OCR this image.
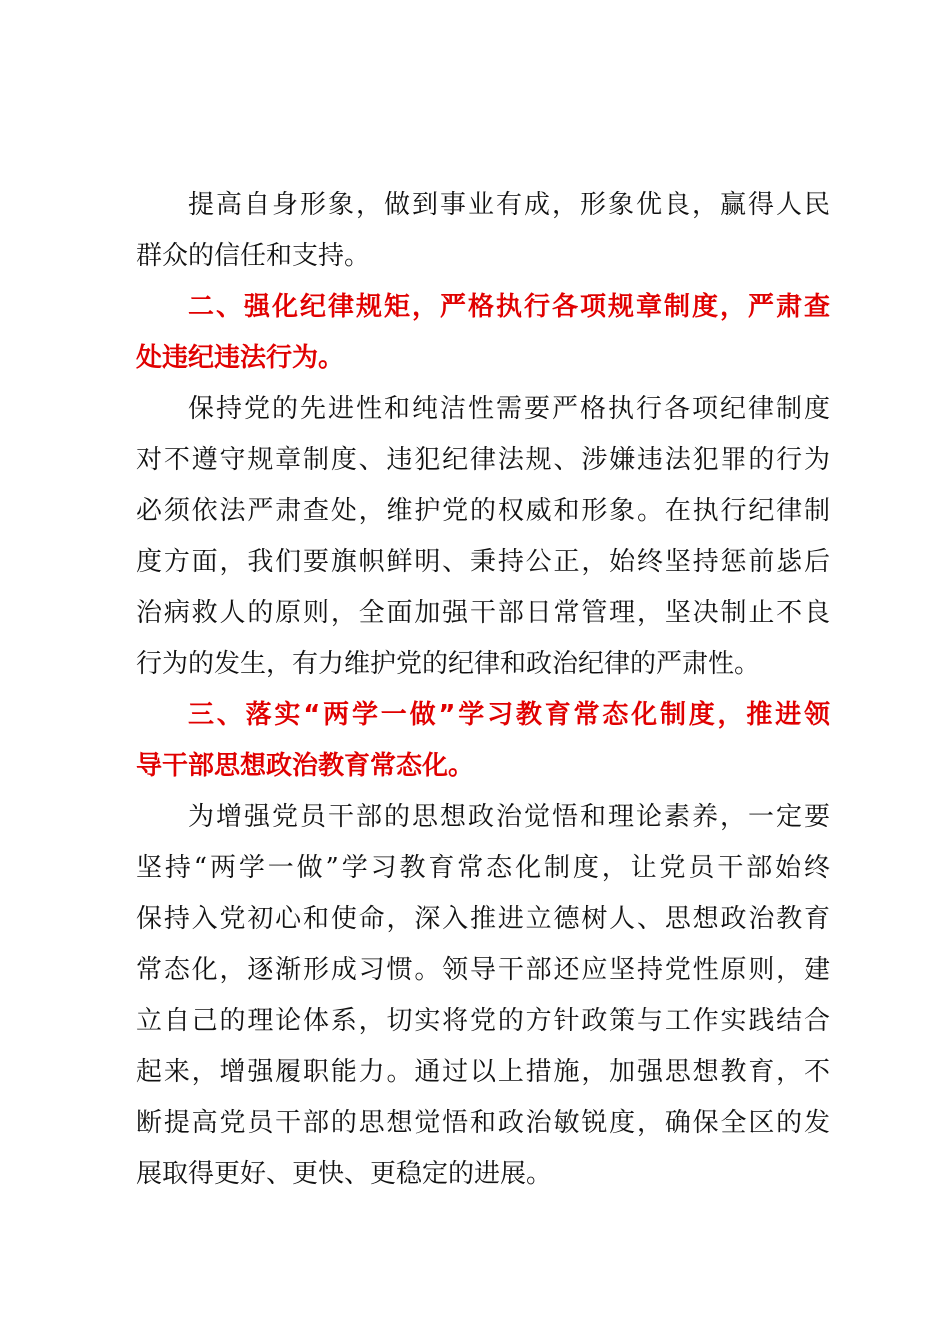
提高自身形象，做到事业有成，形象优良，赢得人民
群众的信任和支持。
二、强化纪律规矩，严格执行各项规章制度，严肃查
处违纪违法行为。
保持党的先进性和纯洁性需要严格执行各项纪律制度
对不遵守规章制度、违犯纪律法规、涉嫌违法犯罪的行为
必须依法严肃查处，维护党的权威和形象。在执行纪律制
度方面，我们要旗帜鲜明、秉持公正，始终坚持惩前毖后
治病救人的原则，全面加强干部日常管理，坚决制止不良
行为的发生，有力维护党的纪律和政治纪律的严肃性。
三、落实“两学一做”学习教育常态化制度，推进领
导干部思想政治教育常态化。
为增强党员干部的思想政治觉悟和理论素养，一定要
坚持“两学一做”学习教育常态化制度，让党员干部始终
保持入党初心和使命，深入推进立德树人、思想政治教育
常态化，逐渐形成习惯。领导干部还应坚持党性原则，建
立自己的理论体系，切实将党的方针政策与工作实践结合
起来，增强履职能力。通过以上措施，加强思想教育，不
断提高党员干部的思想觉悟和政治敏锐度，确保全区的发
展取得更好、更快、更稳定的进展。
